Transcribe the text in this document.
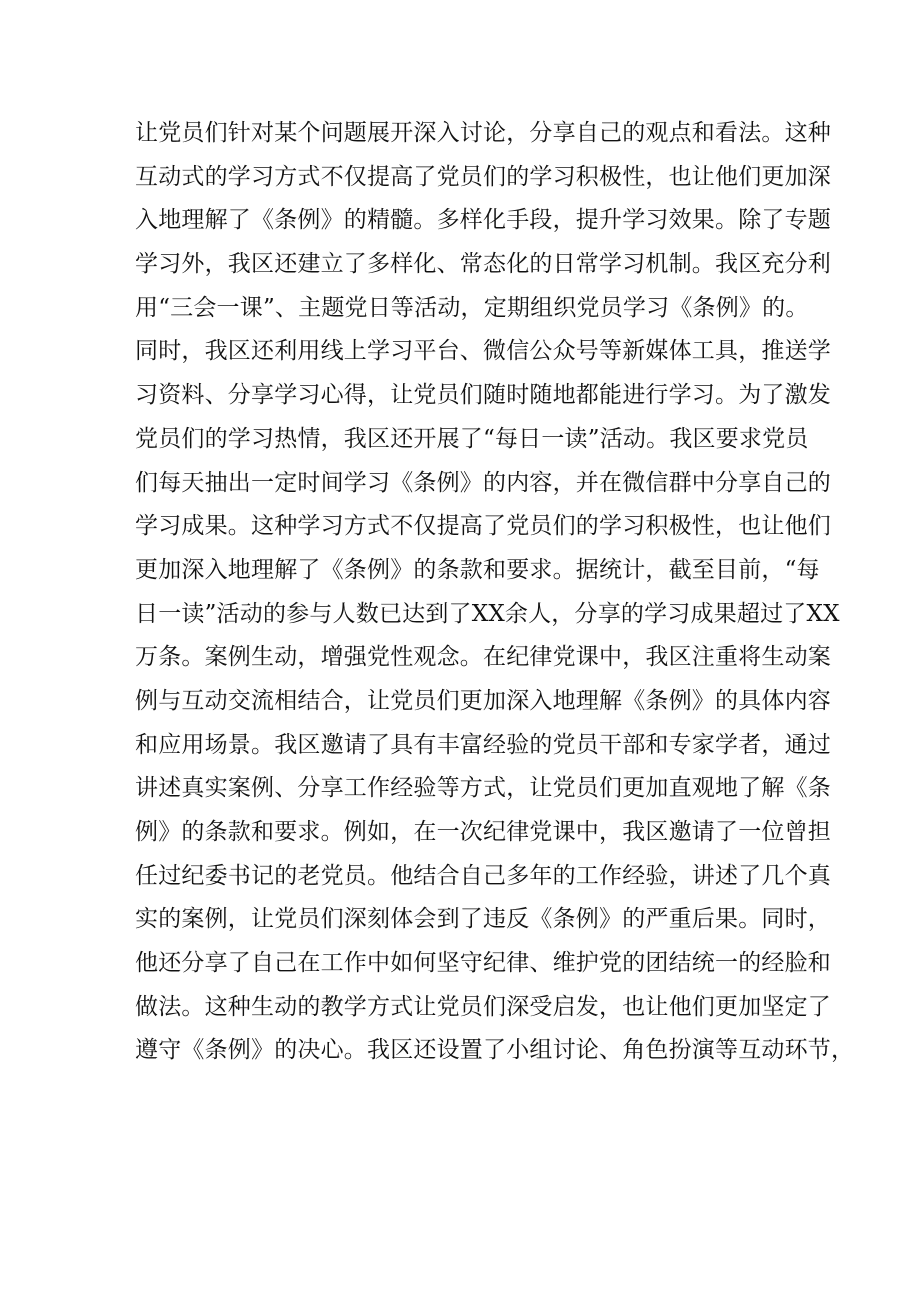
让党员们针对某个问题展开深入讨论，分享自己的观点和看法。这种
互动式的学习方式不仅提高了党员们的学习积极性，也让他们更加深
入地理解了《条例》的精髓。多样化手段，提升学习效果。除了专题
学习外，我区还建立了多样化、常态化的日常学习机制。我区充分利
用“三会一课”、主题党日等活动，定期组织党员学习《条例》的。
同时，我区还利用线上学习平台、微信公众号等新媒体工具，推送学
习资料、分享学习心得，让党员们随时随地都能进行学习。为了激发
党员们的学习热情，我区还开展了“每日一读”活动。我区要求党员
们每天抽出一定时间学习《条例》的内容，并在微信群中分享自己的
学习成果。这种学习方式不仅提高了党员们的学习积极性，也让他们
更加深入地理解了《条例》的条款和要求。据统计，截至目前，“每
日一读”活动的参与人数已达到了XX余人，分享的学习成果超过了XX
万条。案例生动，增强党性观念。在纪律党课中，我区注重将生动案
例与互动交流相结合，让党员们更加深入地理解《条例》的具体内容
和应用场景。我区邀请了具有丰富经验的党员干部和专家学者，通过
讲述真实案例、分享工作经验等方式，让党员们更加直观地了解《条
例》的条款和要求。例如，在一次纪律党课中，我区邀请了一位曾担
任过纪委书记的老党员。他结合自己多年的工作经验，讲述了几个真
实的案例，让党员们深刻体会到了违反《条例》的严重后果。同时，
他还分享了自己在工作中如何坚守纪律、维护党的团结统一的经脸和
做法。这种生动的教学方式让党员们深受启发，也让他们更加坚定了
遵守《条例》的决心。我区还设置了小组讨论、角色扮演等互动环节，
